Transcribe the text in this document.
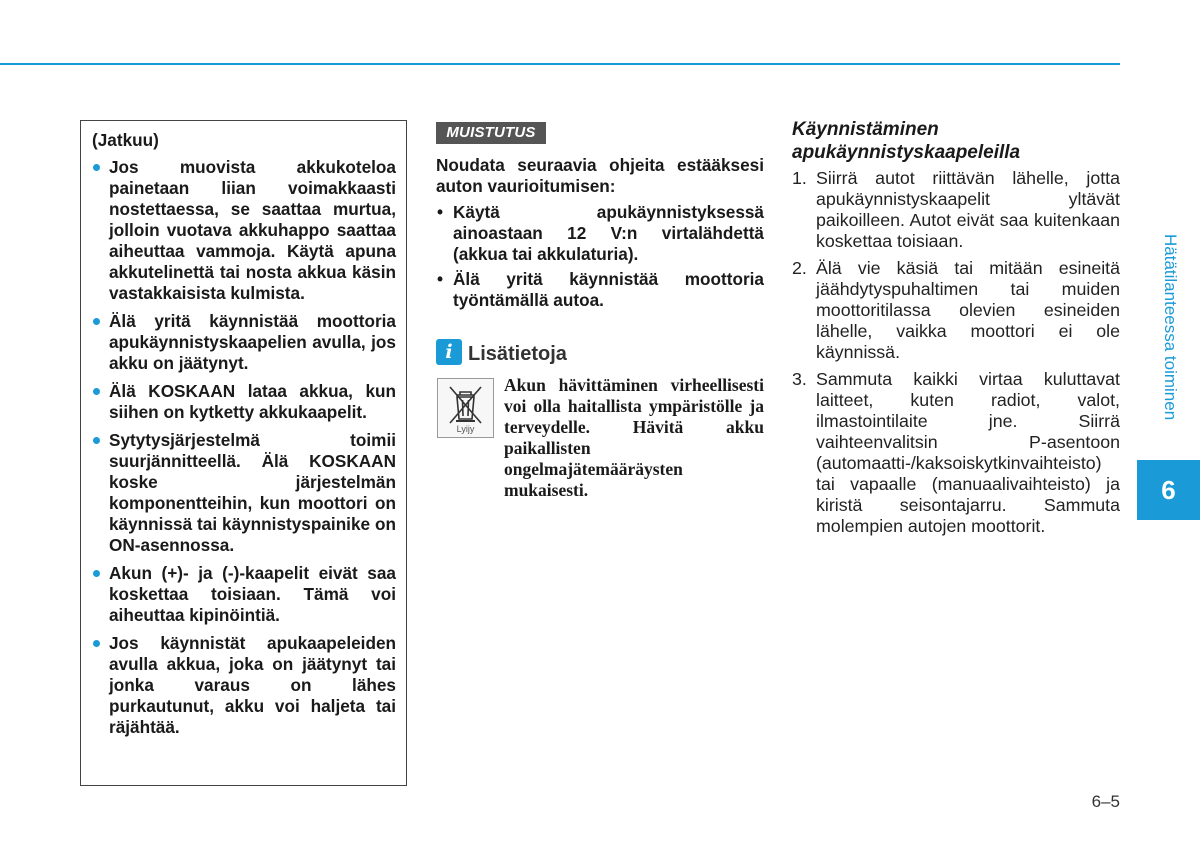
(Jatkuu)

Jos muovista akkukoteloa painetaan liian voimakkaasti nostettaessa, se saattaa murtua, jolloin vuotava akkuhappo saattaa aiheuttaa vammoja. Käytä apuna akkutelinettä tai nosta akkua käsin vastakkaisista kulmista.
Älä yritä käynnistää moottoria apukäynnistyskaapelien avulla, jos akku on jäätynyt.
Älä KOSKAAN lataa akkua, kun siihen on kytketty akkukaapelit.
Sytytysjärjestelmä toimii suurjännitteellä. Älä KOSKAAN koske järjestelmän komponentteihin, kun moottori on käynnissä tai käynnistyspainike on ON-asennossa.
Akun (+)- ja (-)-kaapelit eivät saa koskettaa toisiaan. Tämä voi aiheuttaa kipinöintiä.
Jos käynnistät apukaapeleiden avulla akkua, joka on jäätynyt tai jonka varaus on lähes purkautunut, akku voi haljeta tai räjähtää.
MUISTUTUS

Noudata seuraavia ohjeita estääksesi auton vaurioitumisen:

• Käytä apukäynnistyksessä ainoastaan 12 V:n virtalähdettä (akkua tai akkulaturia).
• Älä yritä käynnistää moottoria työntämällä autoa.
i Lisätietoja
Lyijy
Akun hävittäminen virheellisesti voi olla haitallista ympäristölle ja terveydelle. Hävitä akku paikallisten ongelmajätemääräysten mukaisesti.
Käynnistäminen apukäynnistyskaapeleilla
1. Siirrä autot riittävän lähelle, jotta apukäynnistyskaapelit yltävät paikoilleen. Autot eivät saa kuitenkaan koskettaa toisiaan.
2. Älä vie käsiä tai mitään esineitä jäähdytyspuhaltimen tai muiden moottoritilassa olevien esineiden lähelle, vaikka moottori ei ole käynnissä.
3. Sammuta kaikki virtaa kuluttavat laitteet, kuten radiot, valot, ilmastointilaite jne. Siirrä vaihteenvalitsin P-asentoon (automaatti-/kaksoiskytkinvaihteisto) tai vapaalle (manuaalivaihteisto) ja kiristä seisontajarru. Sammuta molempien autojen moottorit.
Hätätilanteessa toiminen
6
6–5
